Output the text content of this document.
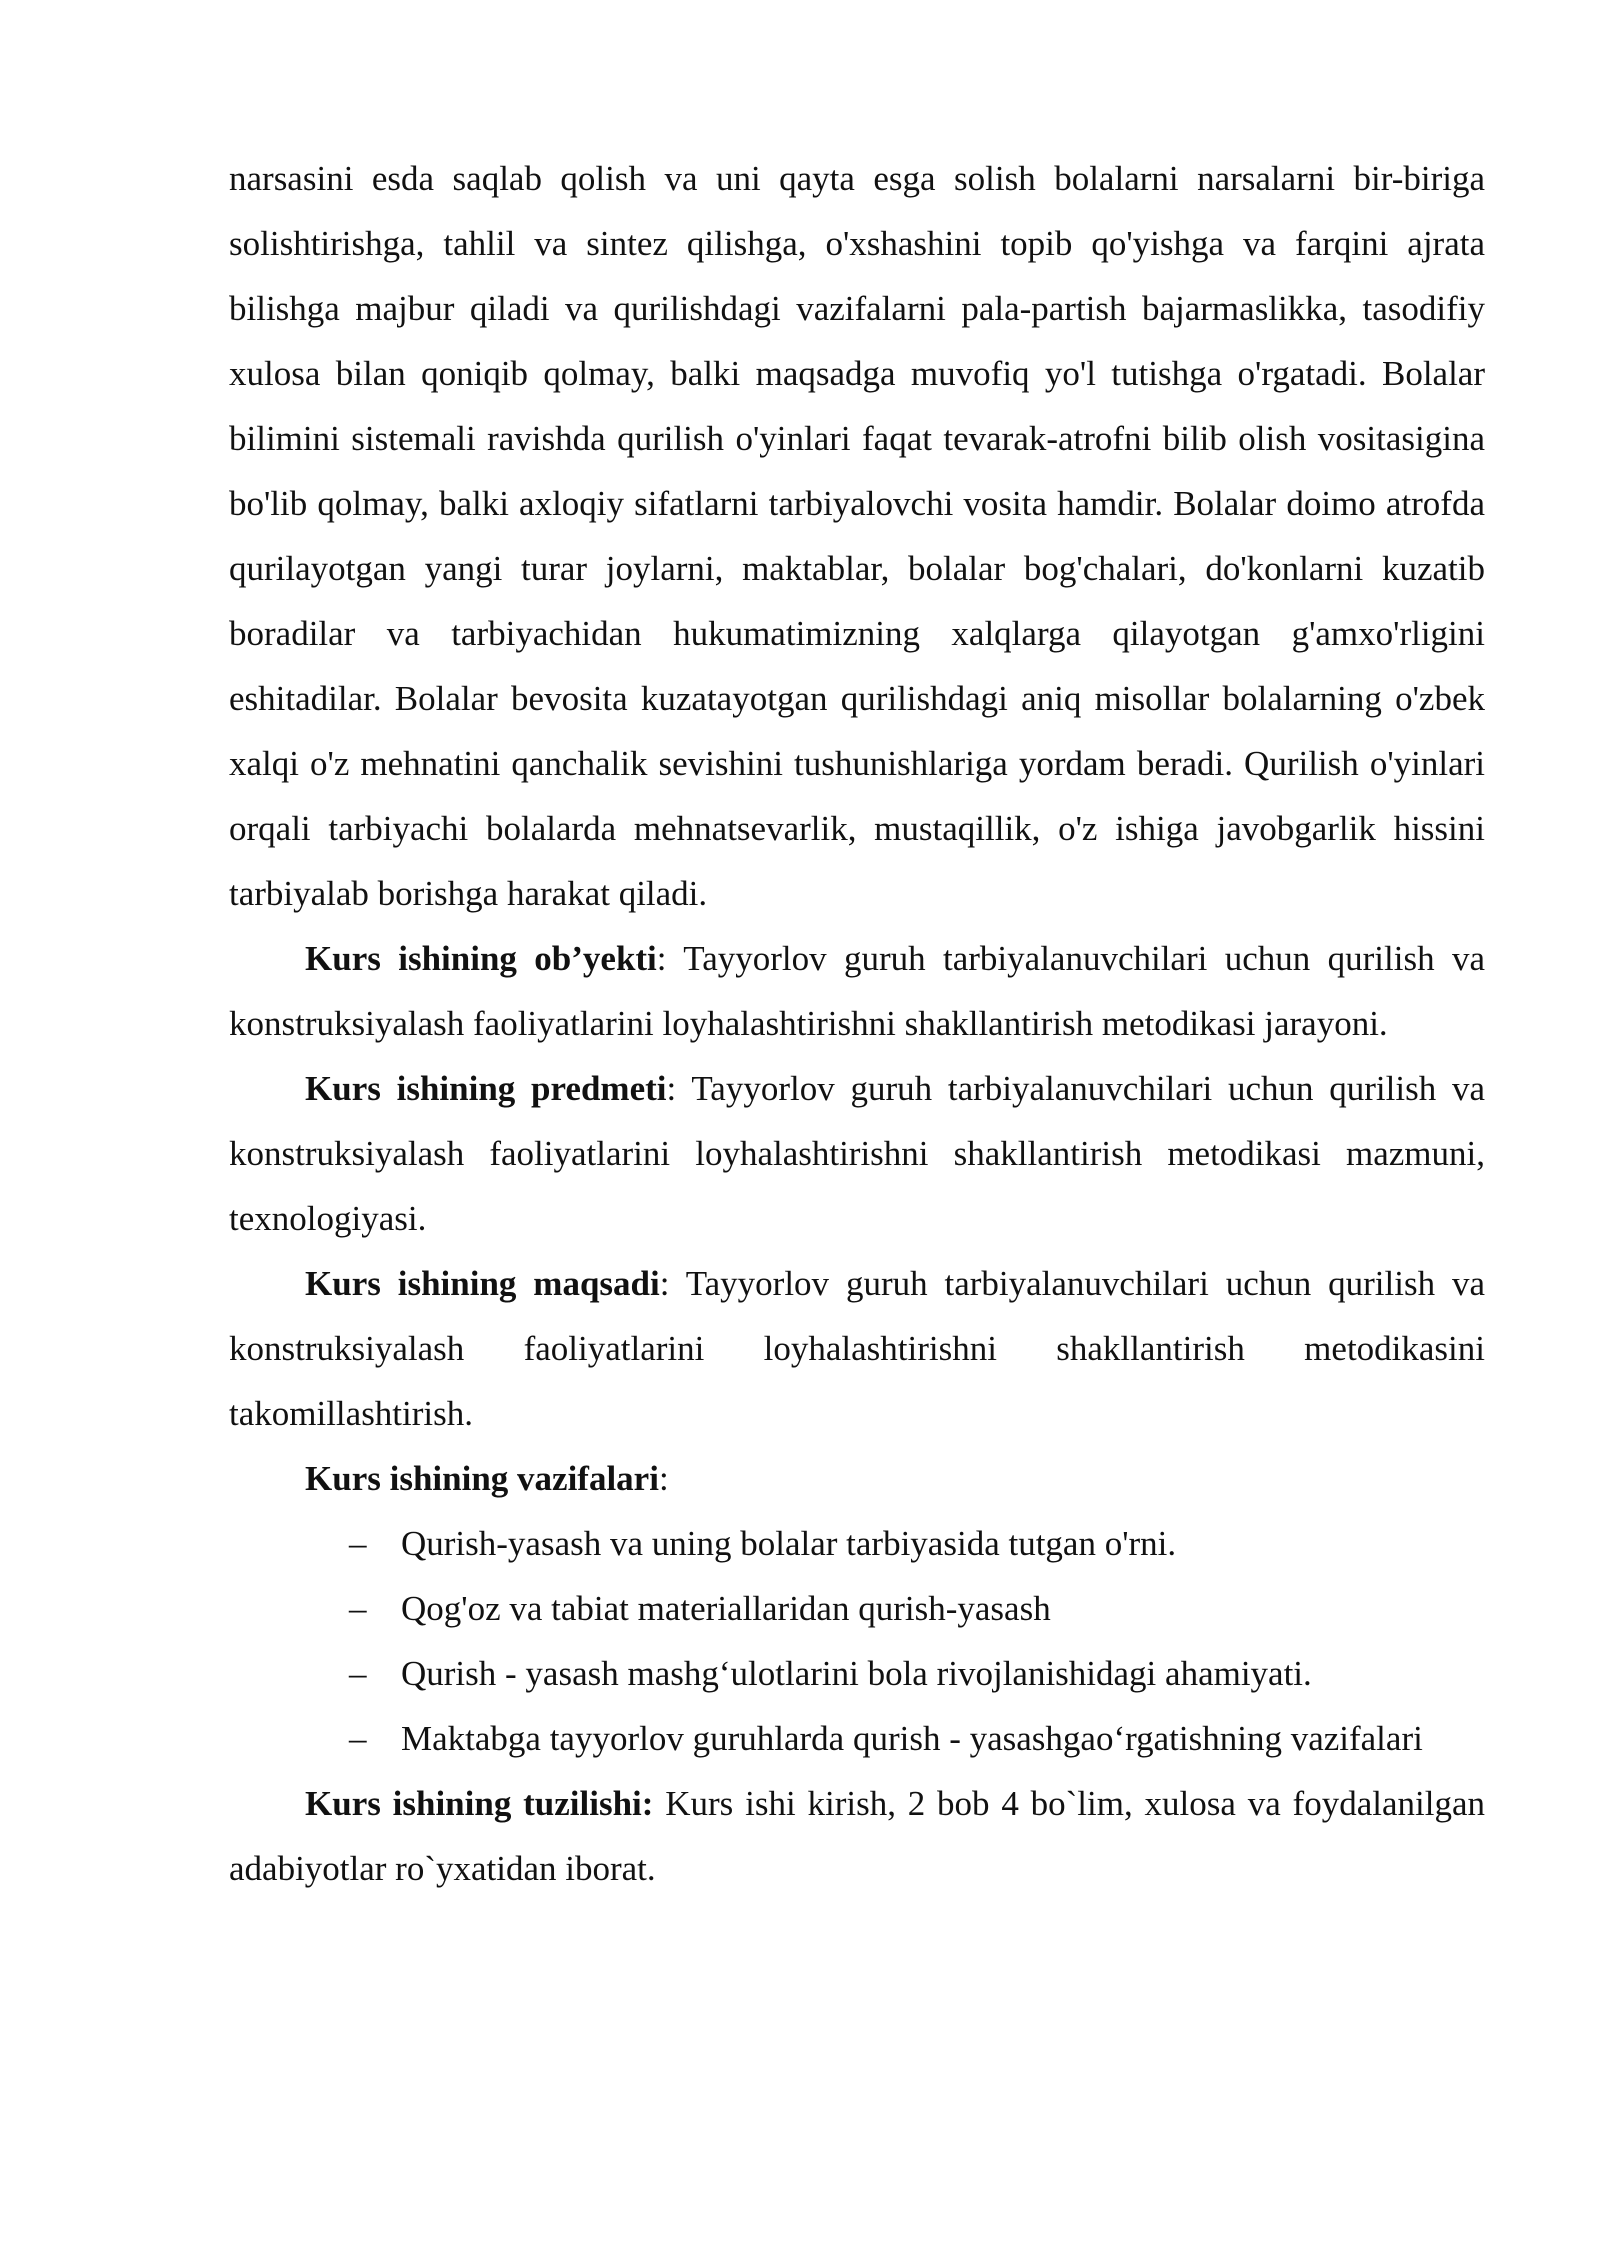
narsasini esda saqlab qolish va uni qayta esga solish bolalarni narsalarni bir-biriga solishtirishga, tahlil va sintez qilishga, o'xshashini topib qo'yishga va farqini ajrata bilishga majbur qiladi va qurilishdagi vazifalarni pala-partish bajarmaslikka, tasodifiy xulosa bilan qoniqib qolmay, balki maqsadga muvofiq yo'l tutishga o'rgatadi. Bolalar bilimini sistemali ravishda qurilish o'yinlari faqat tevarak-atrofni bilib olish vositasigina bo'lib qolmay, balki axloqiy sifatlarni tarbiyalovchi vosita hamdir. Bolalar doimo atrofda qurilayotgan yangi turar joylarni, maktablar, bolalar bog'chalari, do'konlarni kuzatib boradilar va tarbiyachidan hukumatimizning xalqlarga qilayotgan g'amxo'rligini eshitadilar. Bolalar bevosita kuzatayotgan qurilishdagi aniq misollar bolalarning o'zbek xalqi o'z mehnatini qanchalik sevishini tushunishlariga yordam beradi. Qurilish o'yinlari orqali tarbiyachi bolalarda mehnatsevarlik, mustaqillik, o'z ishiga javobgarlik hissini tarbiyalab borishga harakat qiladi.

Kurs ishining ob’yekti: Tayyorlov guruh tarbiyalanuvchilari uchun qurilish va konstruksiyalash faoliyatlarini loyhalashtirishni shakllantirish metodikasi jarayoni.

Kurs ishining predmeti: Tayyorlov guruh tarbiyalanuvchilari uchun qurilish va konstruksiyalash faoliyatlarini loyhalashtirishni shakllantirish metodikasi mazmuni, texnologiyasi.

Kurs ishining maqsadi: Tayyorlov guruh tarbiyalanuvchilari uchun qurilish va konstruksiyalash faoliyatlarini loyhalashtirishni shakllantirish metodikasini takomillashtirish.

Kurs ishining vazifalari:

– Qurish-yasash va uning bolalar tarbiyasida tutgan o'rni.
– Qog'oz va tabiat materiallaridan qurish-yasash
– Qurish - yasash mashg‘ulotlarini bola rivojlanishidagi ahamiyati.
– Maktabga tayyorlov guruhlarda qurish - yasashgao‘rgatishning vazifalari

Kurs ishining tuzilishi: Kurs ishi kirish, 2 bob 4 bo`lim, xulosa va foydalanilgan adabiyotlar ro`yxatidan iborat.
